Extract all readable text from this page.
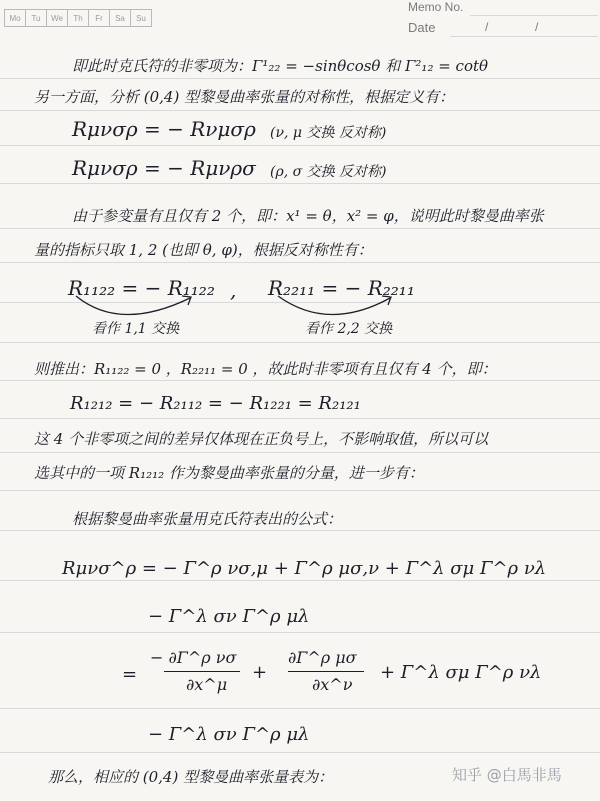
Mo	Tu	We	Th	Fr	Sa	Su
Memo No.
Date	/	/
即此时克氏符的非零项为：Γ¹₂₂ = −sinθcosθ 和 Γ²₁₂ = cotθ
另一方面，分析 (0,4) 型黎曼曲率张量的对称性，根据定义有：
Rμνσρ = − Rνμσρ (ν, μ 交换 反对称)
Rμνσρ = − Rμνρσ (ρ, σ 交换 反对称)
由于参变量有且仅有 2 个，即：x¹ = θ，x² = φ，说明此时黎曼曲率张
量的指标只取 1, 2 (也即 θ, φ)，根据反对称性有：
R₁₁₂₂ = − R₁₁₂₂ , R₂₂₁₁ = − R₂₂₁₁
看作 1,1 交换	看作 2,2 交换
则推出：R₁₁₂₂ = 0 ，R₂₂₁₁ = 0 ，故此时非零项有且仅有 4 个，即：
R₁₂₁₂ = − R₂₁₁₂ = − R₁₂₂₁ = R₂₁₂₁
这 4 个非零项之间的差异仅体现在正负号上，不影响取值，所以可以
选其中的一项 R₁₂₁₂ 作为黎曼曲率张量的分量，进一步有：
根据黎曼曲率张量用克氏符表出的公式：
Rμνσ^ρ = − Γ^ρ νσ,μ + Γ^ρ μσ,ν + Γ^λ σμ Γ^ρ νλ
− Γ^λ σν Γ^ρ μλ
=
− ∂Γ^ρ νσ
∂x^μ
+
∂Γ^ρ μσ
∂x^ν
+ Γ^λ σμ Γ^ρ νλ
− Γ^λ σν Γ^ρ μλ
那么，相应的 (0,4) 型黎曼曲率张量表为：	知乎 @白馬非馬
